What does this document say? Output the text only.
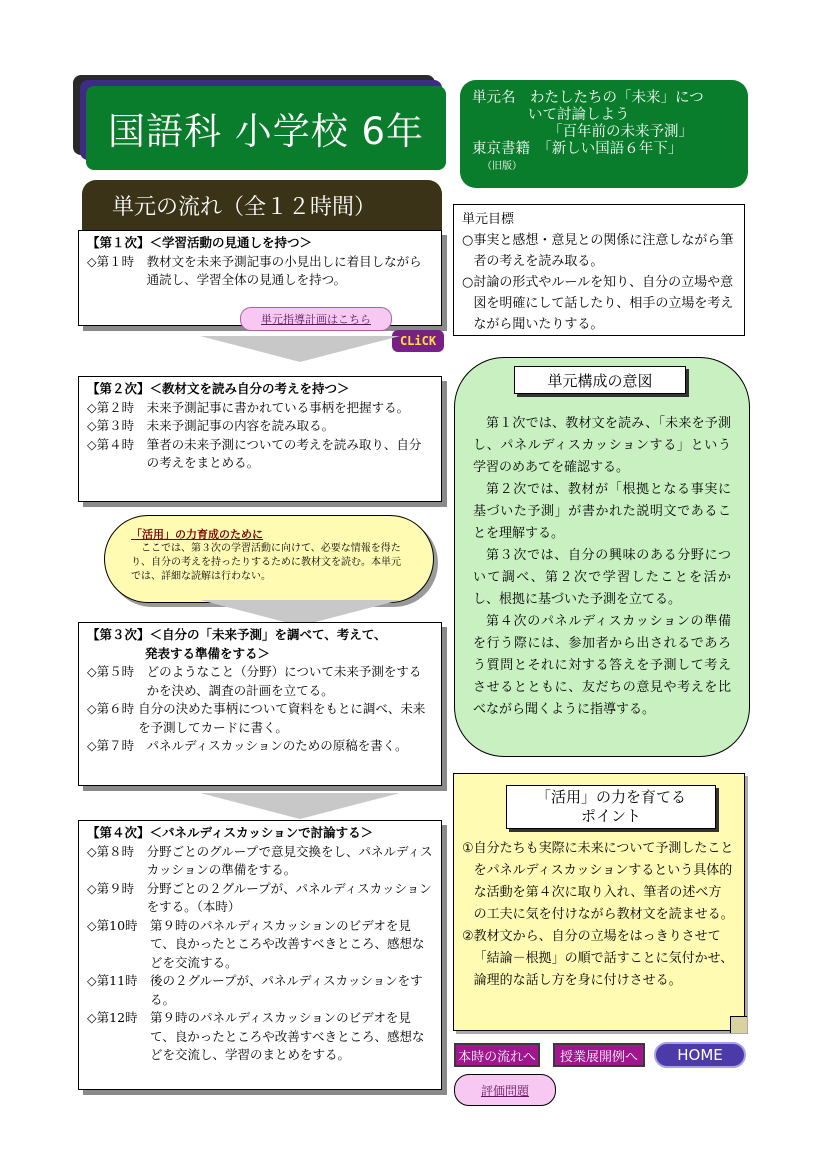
国語科 小学校 6年
単元名　わたしたちの「未来」につ
いて討論しよう
「百年前の未来予測」
東京書籍　「新しい国語６年下」
（旧版）
単元の流れ（全１２時間）
【第１次】＜学習活動の見通しを持つ＞
◇第１時　 教材文を未来予測記事の小見出しに着目しながら通読し、学習全体の見通しを持つ。
単元指導計画はこちら
CLiCK
【第２次】＜教材文を読み自分の考えを持つ＞
◇第２時　 未来予測記事に書かれている事柄を把握する。
◇第３時　 未来予測記事の内容を読み取る。
◇第４時　 筆者の未来予測についての考えを読み取り、自分の考えをまとめる。
「活用」の力育成のために
ここでは、第３次の学習活動に向けて、必要な情報を得たり、自分の考えを持ったりするために教材文を読む。本単元では、詳細な読解は行わない。
【第３次】＜自分の「未来予測」を調べて、考えて、
発表する準備をする＞
◇第５時　 どのようなこと（分野）について未来予測をするかを決め、調査の計画を立てる。
◇第６時 自分の決めた事柄について資料をもとに調べ、未来を予測してカードに書く。
◇第７時　 パネルディスカッションのための原稿を書く。
【第４次】＜パネルディスカッションで討論する＞
◇第８時　 分野ごとのグループで意見交換をし、パネルディスカッションの準備をする。
◇第９時　 分野ごとの２グループが、パネルディスカッションをする。（本時）
◇第10時　 第９時のパネルディスカッションのビデオを見て、良かったところや改善すべきところ、感想などを交流する。
◇第11時　 後の２グループが、パネルディスカッションをする。
◇第12時　 第９時のパネルディスカッションのビデオを見て、良かったところや改善すべきところ、感想などを交流し、学習のまとめをする。
単元目標
○ 事実と感想・意見との関係に注意しながら筆者の考えを読み取る。
○ 討論の形式やルールを知り、自分の立場や意図を明確にして話したり、相手の立場を考えながら聞いたりする。

第１次では、教材文を読み、「未来を予測し、パネルディスカッションする」という学習のめあてを確認する。

第２次では、教材が「根拠となる事実に基づいた予測」が書かれた説明文であることを理解する。

第３次では、自分の興味のある分野について調べ、第２次で学習したことを活かし、根拠に基づいた予測を立てる。

第４次のパネルディスカッションの準備を行う際には、参加者から出されるであろう質問とそれに対する答えを予測して考えさせるとともに、友だちの意見や考えを比べながら聞くように指導する。

単元構成の意図
① 自分たちも実際に未来について予測したことをパネルディスカッションするという具体的な活動を第４次に取り入れ、筆者の述べ方の工夫に気を付けながら教材文を読ませる。
② 教材文から、自分の立場をはっきりさせて「結論－根拠」の順で話すことに気付かせ、論理的な話し方を身に付けさせる。
「活用」の力を育てる
ポイント
本時の流れへ	授業展開例へ	HOME
評価問題
